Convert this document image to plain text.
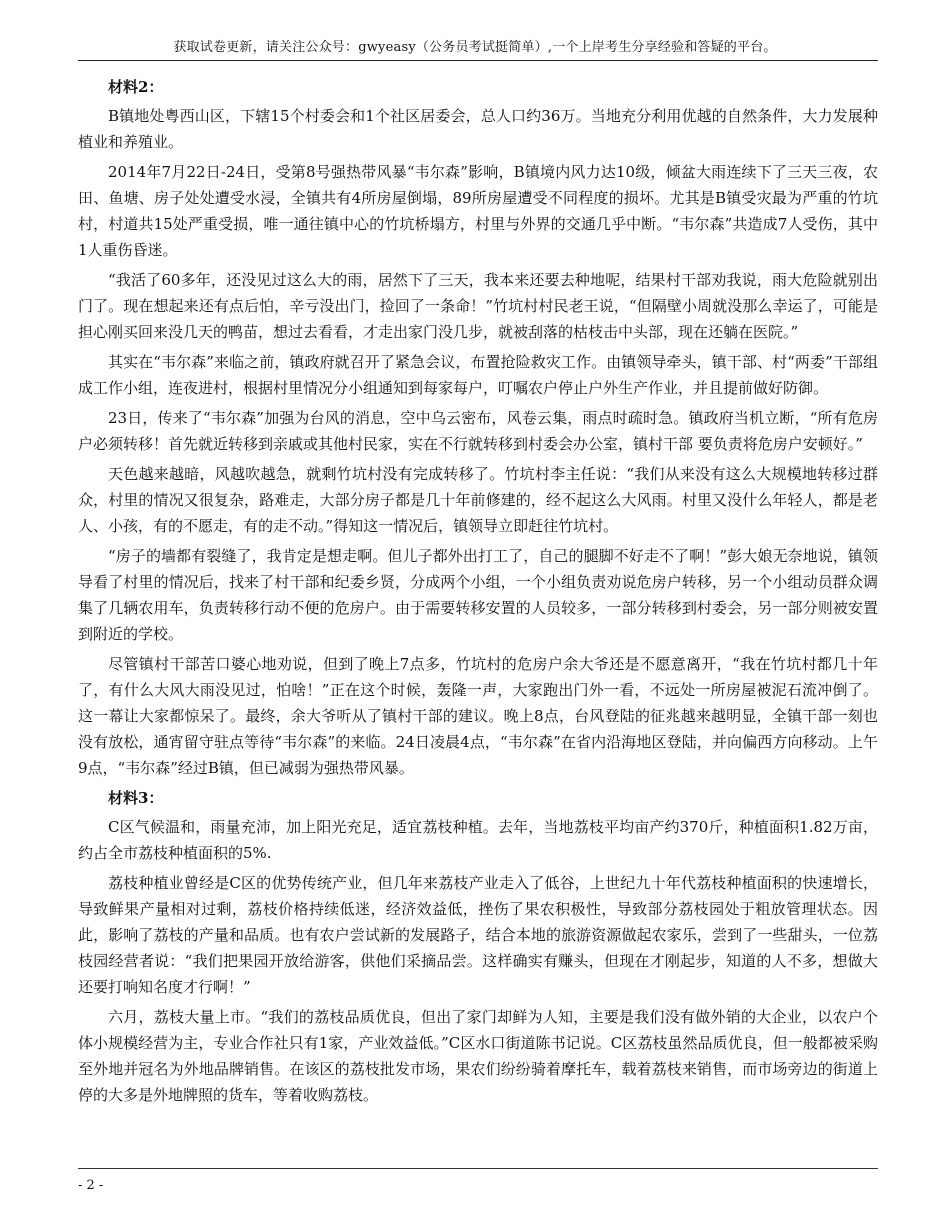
获取试卷更新，请关注公众号：gwyeasy（公务员考试挺简单）,一个上岸考生分享经验和答疑的平台。
材料2：

B镇地处粤西山区，下辖15个村委会和1个社区居委会，总人口约36万。当地充分利用优越的自然条件，大力发展种植业和养殖业。

2014年7月22日-24日，受第8号强热带风暴“韦尔森”影响，B镇境内风力达10级，倾盆大雨连续下了三天三夜，农田、鱼塘、房子处处遭受水浸，全镇共有4所房屋倒塌，89所房屋遭受不同程度的损坏。尤其是B镇受灾最为严重的竹坑村，村道共15处严重受损，唯一通往镇中心的竹坑桥塌方，村里与外界的交通几乎中断。“韦尔森”共造成7人受伤，其中1人重伤昏迷。

“我活了60多年，还没见过这么大的雨，居然下了三天，我本来还要去种地呢，结果村干部劝我说，雨大危险就别出门了。现在想起来还有点后怕，辛亏没出门，捡回了一条命！”竹坑村村民老王说，“但隔壁小周就没那么幸运了，可能是担心刚买回来没几天的鸭苗，想过去看看，才走出家门没几步，就被刮落的枯枝击中头部，现在还躺在医院。”

其实在“韦尔森”来临之前，镇政府就召开了紧急会议，布置抢险救灾工作。由镇领导牵头，镇干部、村“两委”干部组成工作小组，连夜进村，根据村里情况分小组通知到每家每户，叮嘱农户停止户外生产作业，并且提前做好防御。

23日，传来了“韦尔森”加强为台风的消息，空中乌云密布，风卷云集，雨点时疏时急。镇政府当机立断，“所有危房户必须转移！首先就近转移到亲戚或其他村民家，实在不行就转移到村委会办公室，镇村干部 要负责将危房户安顿好。”

天色越来越暗，风越吹越急，就剩竹坑村没有完成转移了。竹坑村李主任说：“我们从来没有这么大规模地转移过群众，村里的情况又很复杂，路难走，大部分房子都是几十年前修建的，经不起这么大风雨。村里又没什么年轻人，都是老人、小孩，有的不愿走，有的走不动。”得知这一情况后，镇领导立即赶往竹坑村。

“房子的墙都有裂缝了，我肯定是想走啊。但儿子都外出打工了，自己的腿脚不好走不了啊！”彭大娘无奈地说，镇领导看了村里的情况后，找来了村干部和纪委乡贤，分成两个小组，一个小组负责劝说危房户转移，另一个小组动员群众调集了几辆农用车，负责转移行动不便的危房户。由于需要转移安置的人员较多，一部分转移到村委会，另一部分则被安置到附近的学校。

尽管镇村干部苦口婆心地劝说，但到了晚上7点多，竹坑村的危房户余大爷还是不愿意离开，“我在竹坑村都几十年了，有什么大风大雨没见过，怕啥！”正在这个时候，轰隆一声，大家跑出门外一看，不远处一所房屋被泥石流冲倒了。这一幕让大家都惊呆了。最终，余大爷听从了镇村干部的建议。晚上8点，台风登陆的征兆越来越明显，全镇干部一刻也没有放松，通宵留守驻点等待“韦尔森”的来临。24日凌晨4点，“韦尔森”在省内沿海地区登陆，并向偏西方向移动。上午9点，“韦尔森”经过B镇，但已减弱为强热带风暴。

材料3：

C区气候温和，雨量充沛，加上阳光充足，适宜荔枝种植。去年，当地荔枝平均亩产约370斤，种植面积1.82万亩，约占全市荔枝种植面积的5%.

荔枝种植业曾经是C区的优势传统产业，但几年来荔枝产业走入了低谷，上世纪九十年代荔枝种植面积的快速增长，导致鲜果产量相对过剩，荔枝价格持续低迷，经济效益低，挫伤了果农积极性，导致部分荔枝园处于粗放管理状态。因此，影响了荔枝的产量和品质。也有农户尝试新的发展路子，结合本地的旅游资源做起农家乐，尝到了一些甜头，一位荔枝园经营者说：“我们把果园开放给游客，供他们采摘品尝。这样确实有赚头，但现在才刚起步，知道的人不多，想做大还要打响知名度才行啊！”

六月，荔枝大量上市。“我们的荔枝品质优良，但出了家门却鲜为人知，主要是我们没有做外销的大企业，以农户个体小规模经营为主，专业合作社只有1家，产业效益低。”C区水口街道陈书记说。C区荔枝虽然品质优良，但一般都被采购至外地并冠名为外地品牌销售。在该区的荔枝批发市场，果农们纷纷骑着摩托车，载着荔枝来销售，而市场旁边的街道上停的大多是外地牌照的货车，等着收购荔枝。

- 2 -
